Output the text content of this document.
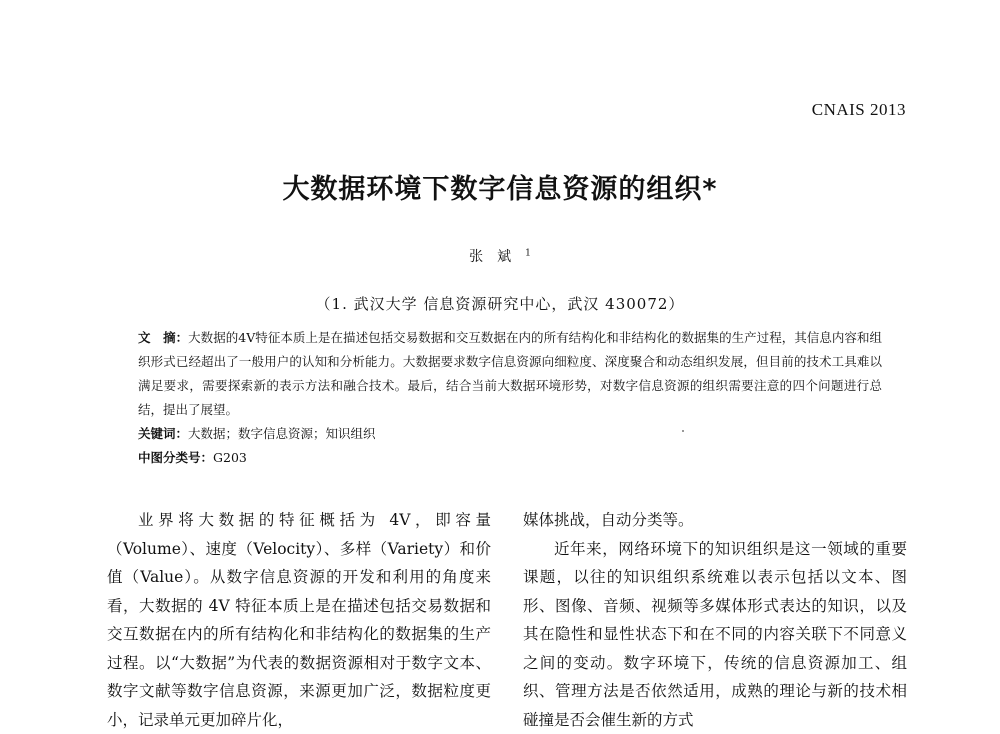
CNAIS 2013
大数据环境下数字信息资源的组织*
张斌$^1$
（1. 武汉大学 信息资源研究中心，武汉 430072）

文　摘：大数据的4V特征本质上是在描述包括交易数据和交互数据在内的所有结构化和非结构化的数据集的生产过程，其信息内容和组织形式已经超出了一般用户的认知和分析能力。大数据要求数字信息资源向细粒度、深度聚合和动态组织发展，但目前的技术工具难以满足要求，需要探索新的表示方法和融合技术。最后，结合当前大数据环境形势，对数字信息资源的组织需要注意的四个问题进行总结，提出了展望。

关键词：大数据；数字信息资源；知识组织

中图分类号：G203

业界将大数据的特征概括为 4V，即容量（Volume）、速度（Velocity）、多样（Variety）和价值（Value）。从数字信息资源的开发和利用的角度来看，大数据的 4V 特征本质上是在描述包括交易数据和交互数据在内的所有结构化和非结构化的数据集的生产过程。以“大数据”为代表的数据资源相对于数字文本、数字文献等数字信息资源，来源更加广泛，数据粒度更小，记录单元更加碎片化，

媒体挑战，自动分类等。

近年来，网络环境下的知识组织是这一领域的重要课题，以往的知识组织系统难以表示包括以文本、图形、图像、音频、视频等多媒体形式表达的知识，以及其在隐性和显性状态下和在不同的内容关联下不同意义之间的变动。数字环境下，传统的信息资源加工、组织、管理方法是否依然适用，成熟的理论与新的技术相碰撞是否会催生新的方式
